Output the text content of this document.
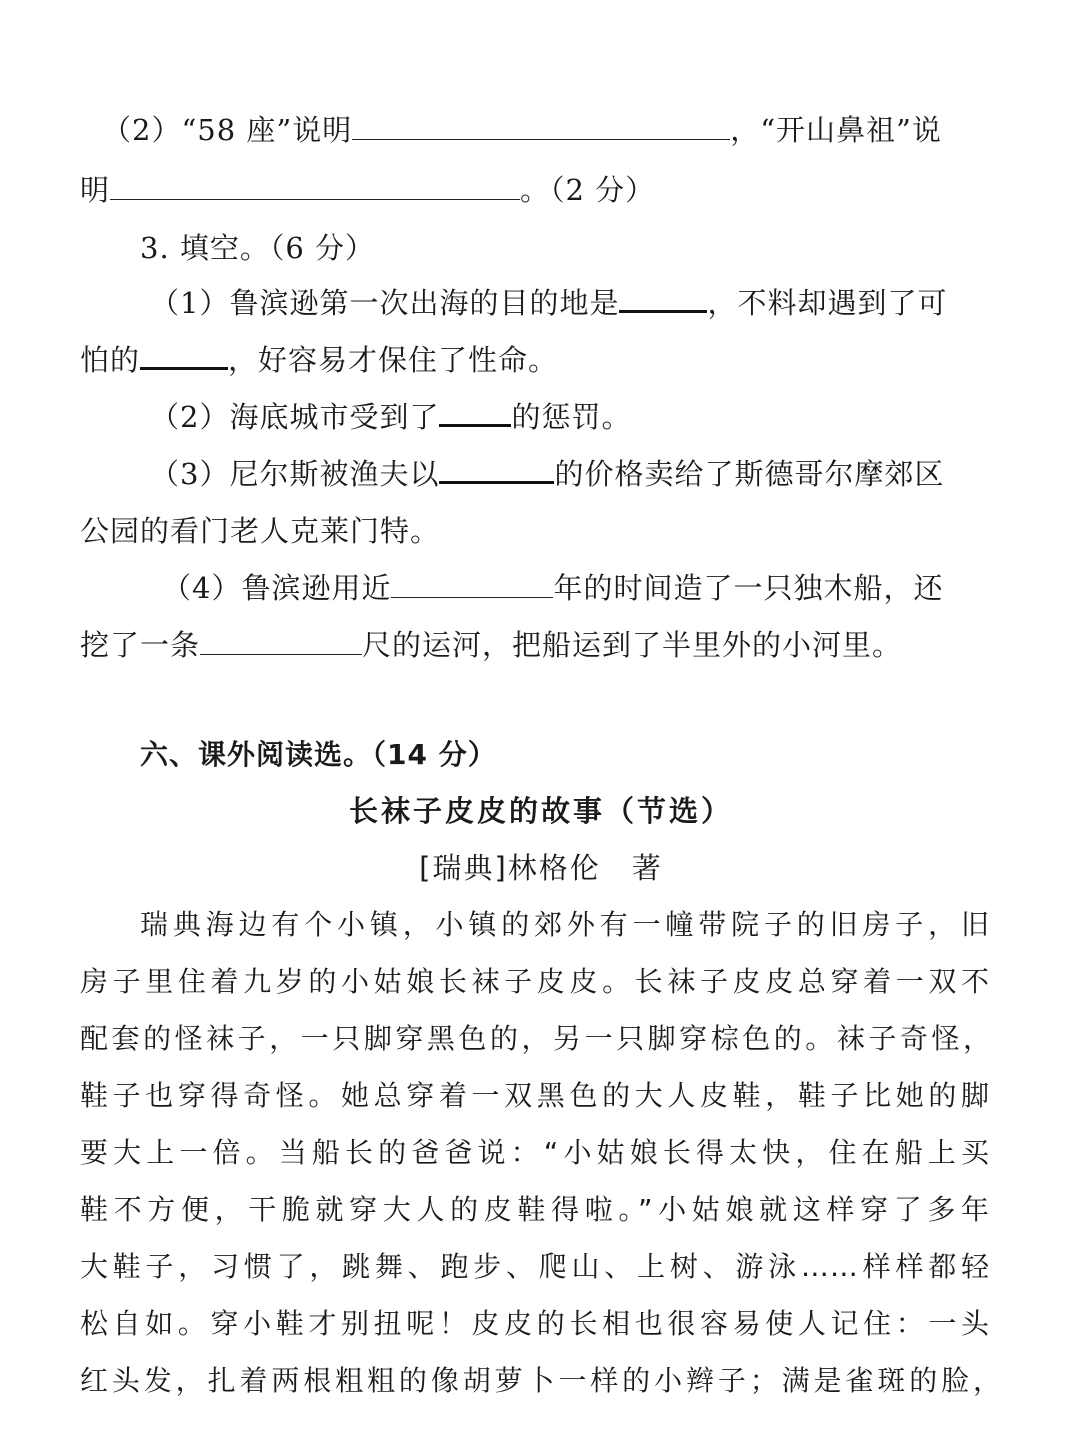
（2）“58 座”说明	，“开山鼻祖”说
明	。（2 分）
3. 填空。（6 分）
（1）鲁滨逊第一次出海的目的地是	，不料却遇到了可
怕的	，好容易才保住了性命。
（2）海底城市受到了 的惩罚。
（3）尼尔斯被渔夫以	的价格卖给了斯德哥尔摩郊区
公园的看门老人克莱门特。
（4）鲁滨逊用近	年的时间造了一只独木船，还
挖了一条	尺的运河，把船运到了半里外的小河里。
六、课外阅读选。（14 分）
长袜子皮皮的故事（节选）
[瑞典]林格伦　著
瑞典海边有个小镇，小镇的郊外有一幢带院子的旧房子，旧
房子里住着九岁的小姑娘长袜子皮皮。长袜子皮皮总穿着一双不
配套的怪袜子，一只脚穿黑色的，另一只脚穿棕色的。袜子奇怪，
鞋子也穿得奇怪。她总穿着一双黑色的大人皮鞋，鞋子比她的脚
要大上一倍。当船长的爸爸说：“小姑娘长得太快，住在船上买
鞋不方便，干脆就穿大人的皮鞋得啦。”小姑娘就这样穿了多年
大鞋子，习惯了，跳舞、跑步、爬山、上树、游泳……样样都轻
松自如。穿小鞋才别扭呢！皮皮的长相也很容易使人记住：一头
红头发，扎着两根粗粗的像胡萝卜一样的小辫子；满是雀斑的脸，
